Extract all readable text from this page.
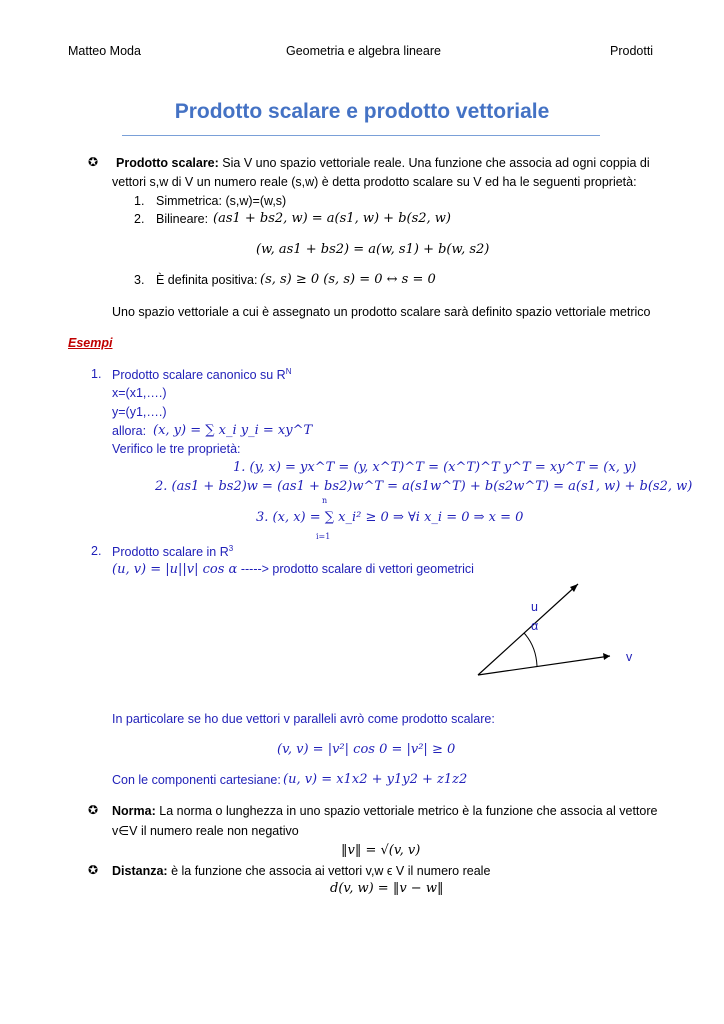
Matteo Moda	Geometria e algebra lineare	Prodotti
Prodotto scalare e prodotto vettoriale
✪ Prodotto scalare: Sia V uno spazio vettoriale reale. Una funzione che associa ad ogni coppia di
vettori s,w di V un numero reale (s,w) è detta prodotto scalare su V ed ha le seguenti proprietà:
1. Simmetrica: (s,w)=(w,s)
2. Bilineare: (as1 + bs2, w) = a(s1, w) + b(s2, w)
(w, as1 + bs2) = a(w, s1) + b(w, s2)
3. È definita positiva: (s, s) ≥ 0 (s, s) = 0 ↔ s = 0
Uno spazio vettoriale a cui è assegnato un prodotto scalare sarà definito spazio vettoriale metrico
Esempi
1. Prodotto scalare canonico su $R^N$
x=(x1,….)
y=(y1,….)
allora: (x, y) = ∑ x_i y_i = xy^T
Verifico le tre proprietà:
1. (y, x) = yx^T = (y, x^T)^T = (x^T)^T y^T = xy^T = (x, y)
2. (as1 + bs2)w = (as1 + bs2)w^T = a(s1w^T) + b(s2w^T) = a(s1, w) + b(s2, w)
n
3. (x, x) = ∑ x_i² ≥ 0 ⇒ ∀i x_i = 0 ⇒ x = 0
i=1
2. Prodotto scalare in $R^3$
(u, v) = |u||v| cos α -----> prodotto scalare di vettori geometrici
u
α
v
In particolare se ho due vettori v paralleli avrò come prodotto scalare:
(v, v) = |v²| cos 0 = |v²| ≥ 0
Con le componenti cartesiane: (u, v) = x1x2 + y1y2 + z1z2
✪ Norma: La norma o lunghezza in uno spazio vettoriale metrico è la funzione che associa al vettore
v∈V il numero reale non negativo
‖v‖ = √(v, v)
✪ Distanza: è la funzione che associa ai vettori v,w ϵ V il numero reale
d(v, w) = ‖v − w‖
